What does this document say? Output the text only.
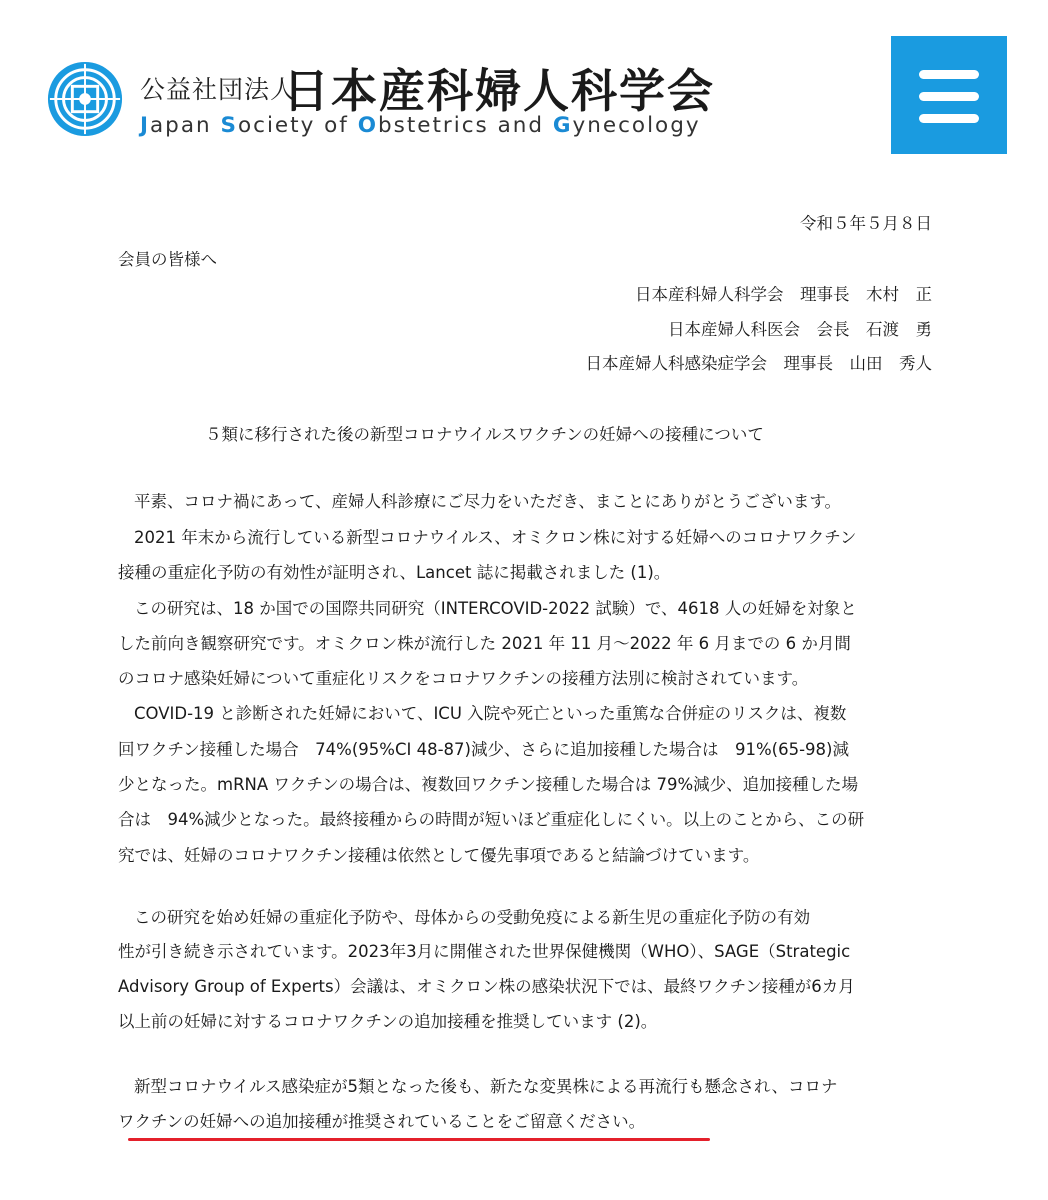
公益社団法人
日本産科婦人科学会
Japan Society of Obstetrics and Gynecology
令和５年５月８日
会員の皆様へ
日本産科婦人科学会　理事長　木村　正
日本産婦人科医会　会長　石渡　勇
日本産婦人科感染症学会　理事長　山田　秀人
５類に移行された後の新型コロナウイルスワクチンの妊婦への接種について
平素、コロナ禍にあって、産婦人科診療にご尽力をいただき、まことにありがとうございます。
2021 年末から流行している新型コロナウイルス、オミクロン株に対する妊婦へのコロナワクチン
接種の重症化予防の有効性が証明され、Lancet 誌に掲載されました (1)。
この研究は、18 か国での国際共同研究（INTERCOVID-2022 試験）で、4618 人の妊婦を対象と
した前向き観察研究です。オミクロン株が流行した 2021 年 11 月～2022 年 6 月までの 6 か月間
のコロナ感染妊婦について重症化リスクをコロナワクチンの接種方法別に検討されています。
COVID-19 と診断された妊婦において、ICU 入院や死亡といった重篤な合併症のリスクは、複数
回ワクチン接種した場合　74%(95%CI 48-87)減少、さらに追加接種した場合は　91%(65-98)減
少となった。mRNA ワクチンの場合は、複数回ワクチン接種した場合は 79%減少、追加接種した場
合は　94%減少となった。最終接種からの時間が短いほど重症化しにくい。以上のことから、この研
究では、妊婦のコロナワクチン接種は依然として優先事項であると結論づけています。
この研究を始め妊婦の重症化予防や、母体からの受動免疫による新生児の重症化予防の有効
性が引き続き示されています。2023年3月に開催された世界保健機関（WHO）、SAGE（Strategic
Advisory Group of Experts）会議は、オミクロン株の感染状況下では、最終ワクチン接種が6カ月
以上前の妊婦に対するコロナワクチンの追加接種を推奨しています (2)。
新型コロナウイルス感染症が5類となった後も、新たな変異株による再流行も懸念され、コロナ
ワクチンの妊婦への追加接種が推奨されていることをご留意ください。
